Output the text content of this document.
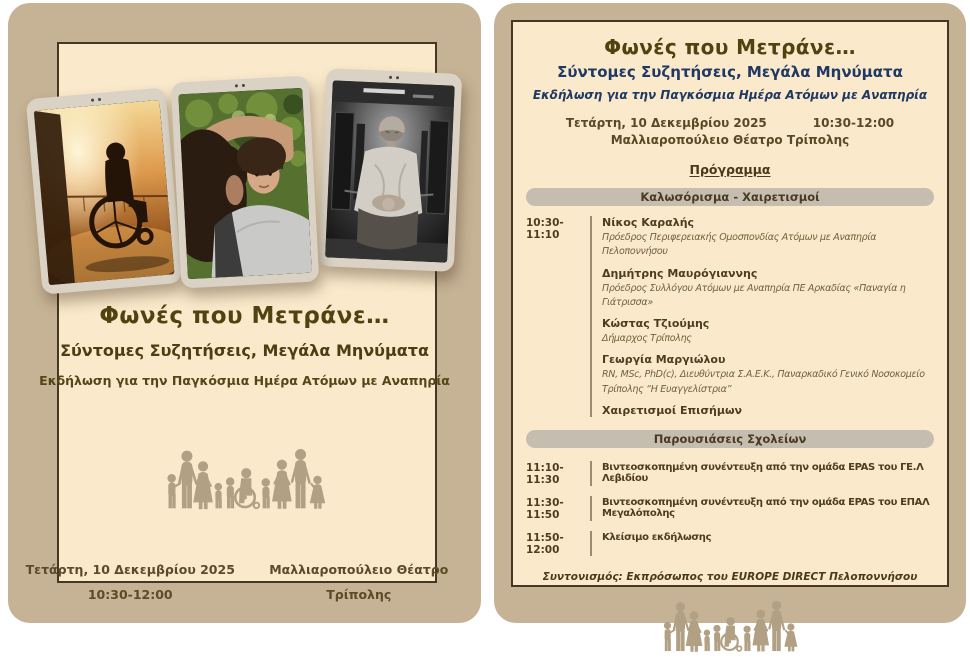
Φωνές που Μετράνε…
Σύντομες Συζητήσεις, Μεγάλα Μηνύματα
Εκδήλωση για την Παγκόσμια Ημέρα Ατόμων με Αναπηρία
Τετάρτη, 10 Δεκεμβρίου 2025
10:30-12:00
Μαλλιαροπούλειο Θέατρο
Τρίπολης
Φωνές που Μετράνε…
Σύντομες Συζητήσεις, Μεγάλα Μηνύματα
Εκδήλωση για την Παγκόσμια Ημέρα Ατόμων με Αναπηρία
Τετάρτη, 10 Δεκεμβρίου 2025	10:30-12:00
Μαλλιαροπούλειο Θέατρο Τρίπολης
Πρόγραμμα
Καλωσόρισμα - Χαιρετισμοί
10:30-11:10
Νίκος Καραλής
Πρόεδρος Περιφερειακής Ομοσπονδίας Ατόμων με Αναπηρία Πελοποννήσου
Δημήτρης Μαυρόγιαννης
Πρόεδρος Συλλόγου Ατόμων με Αναπηρία ΠΕ Αρκαδίας «Παναγία η Γιάτρισσα»
Κώστας Τζιούμης
Δήμαρχος Τρίπολης
Γεωργία Μαργιώλου
RN, MSc, PhD(c), Διευθύντρια Σ.Α.Ε.Κ., Παναρκαδικό Γενικό Νοσοκομείο Τρίπολης “Η Ευαγγελίστρια”
Χαιρετισμοί Επισήμων
Παρουσιάσεις Σχολείων
11:10-11:30
Βιντεοσκοπημένη συνέντευξη από την ομάδα EPAS του ΓΕ.Λ Λεβιδίου
11:30-11:50
Βιντεοσκοπημένη συνέντευξη από την ομάδα EPAS του ΕΠΑΛ Μεγαλόπολης
11:50-12:00
Κλείσιμο εκδήλωσης
Συντονισμός: Εκπρόσωπος του EUROPE DIRECT Πελοποννήσου
